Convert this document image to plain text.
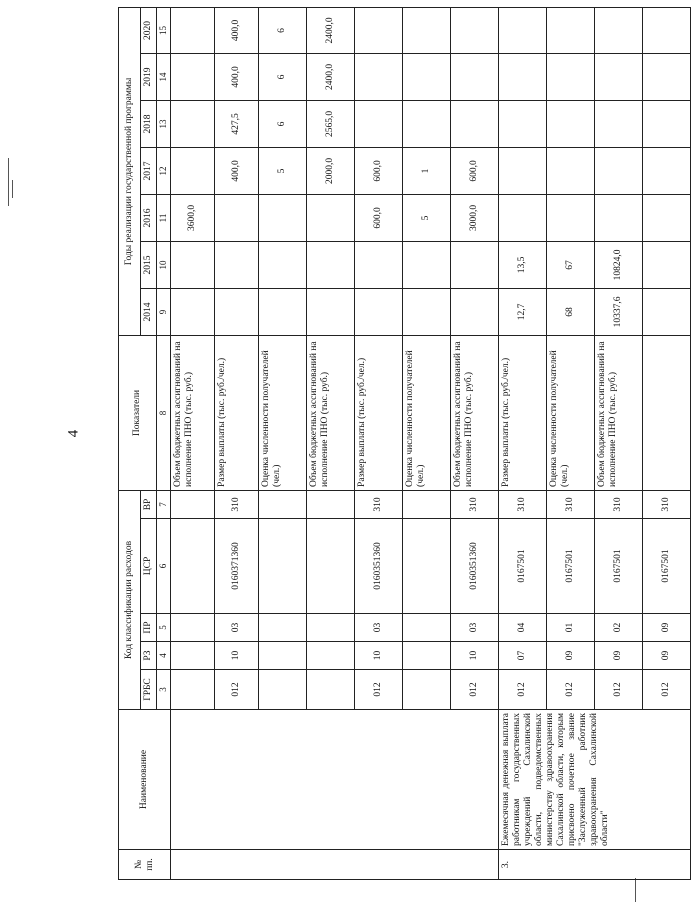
4
№ пп.	Наименование	Код классификации расходов					Показатели	Годы реализации государственной программы						
		ГРБС	РЗ	ПР	ЦСР	ВР		2014	2015	2016	2017	2018	2019	2020
		3	4	5	6	7	8	9	10	11	12	13	14	15
							Объем бюджетных ассигнований на исполнение ПНО (тыс. руб.)			3600,0				
		012	10	03	0160371360	310	Размер выплаты (тыс. руб./чел.)				400,0	427,5	400,0	400,0
							Оценка численности получателей (чел.)				5	6	6	6
							Объем бюджетных ассигнований на исполнение ПНО (тыс. руб.)				2000,0	2565,0	2400,0	2400,0
		012	10	03	0160351360	310	Размер выплаты (тыс. руб./чел.)			600,0	600,0			
							Оценка численности получателей (чел.)			5	1			
		012	10	03	0160351360	310	Объем бюджетных ассигнований на исполнение ПНО (тыс. руб.)			3000,0	600,0			
3.	Ежемесячная денежная выплата работникам государственных учреждений Сахалинской области, подведомственных министерству здравоохранения Сахалинской области, которым присвоено почетное звание "Заслуженный работник здравоохранения Сахалинской области"	012	07	04	0167501	310	Размер выплаты (тыс. руб./чел.)	12,7	13,5					
		012	09	01	0167501	310	Оценка численности получателей (чел.)	68	67					
		012	09	02	0167501	310	Объем бюджетных ассигнований на исполнение ПНО (тыс. руб.)	10337,6	10824,0					
		012	09	09	0167501	310								
